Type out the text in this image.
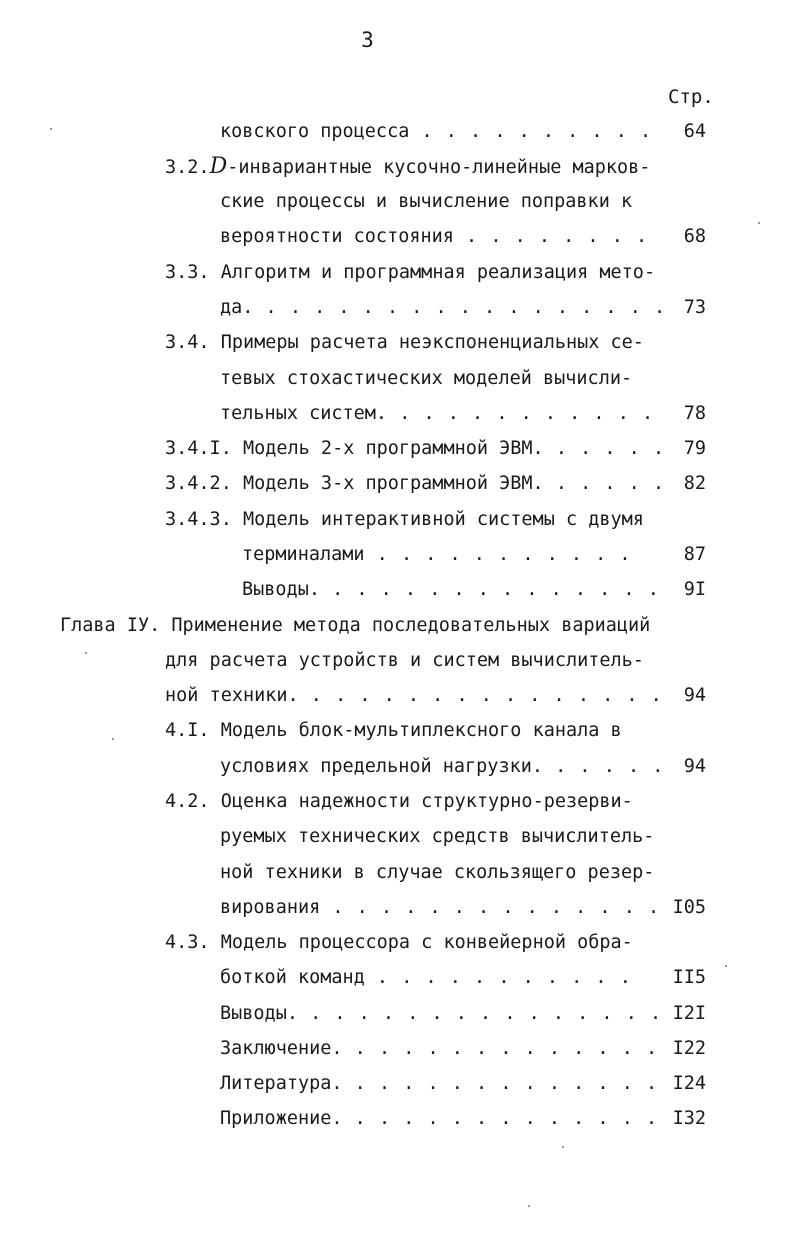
3
Стр.
ковского процесса . . . . . . . . . .	64
3.2.D-инвариантные кусочно-линейные марков-
ские процессы и вычисление поправки к
вероятности состояния . . . . . . . .	68
3.3. Алгоритм и программная реализация мето-
да. . . . . . . . . . . . . . . . . . 73
3.4. Примеры расчета неэкспоненциальных се-
тевых стохастических моделей вычисли-
тельных систем. . . . . . . . . . . .	78
3.4.I. Модель 2-х программной ЭВМ. . . . . .	79
3.4.2. Модель 3-х программной ЭВМ. . . . . .	82
3.4.3. Модель интерактивной системы с двумя
терминалами . . . . . . . . . . .	87
Выводы. . . . . . . . . . . . . . .	9I
Глава IУ. Применение метода последовательных вариаций
для расчета устройств и систем вычислитель-
ной техники. . . . . . . . . . . . . . . .	94
4.I. Модель блок-мультиплексного канала в
условиях предельной нагрузки. . . . . .	94
4.2. Оценка надежности структурно-резерви-
руемых технических средств вычислитель-
ной техники в случае скользящего резер-
вирования . . . . . . . . . . . . . . I05
4.3. Модель процессора с конвейерной обра-
боткой команд . . . . . . . . . . . II5
Выводы. . . . . . . . . . . . . . . . I2I
Заключение. . . . . . . . . . . . . . I22
Литература. . . . . . . . . . . . . . I24
Приложение. . . . . . . . . . . . . . I32
